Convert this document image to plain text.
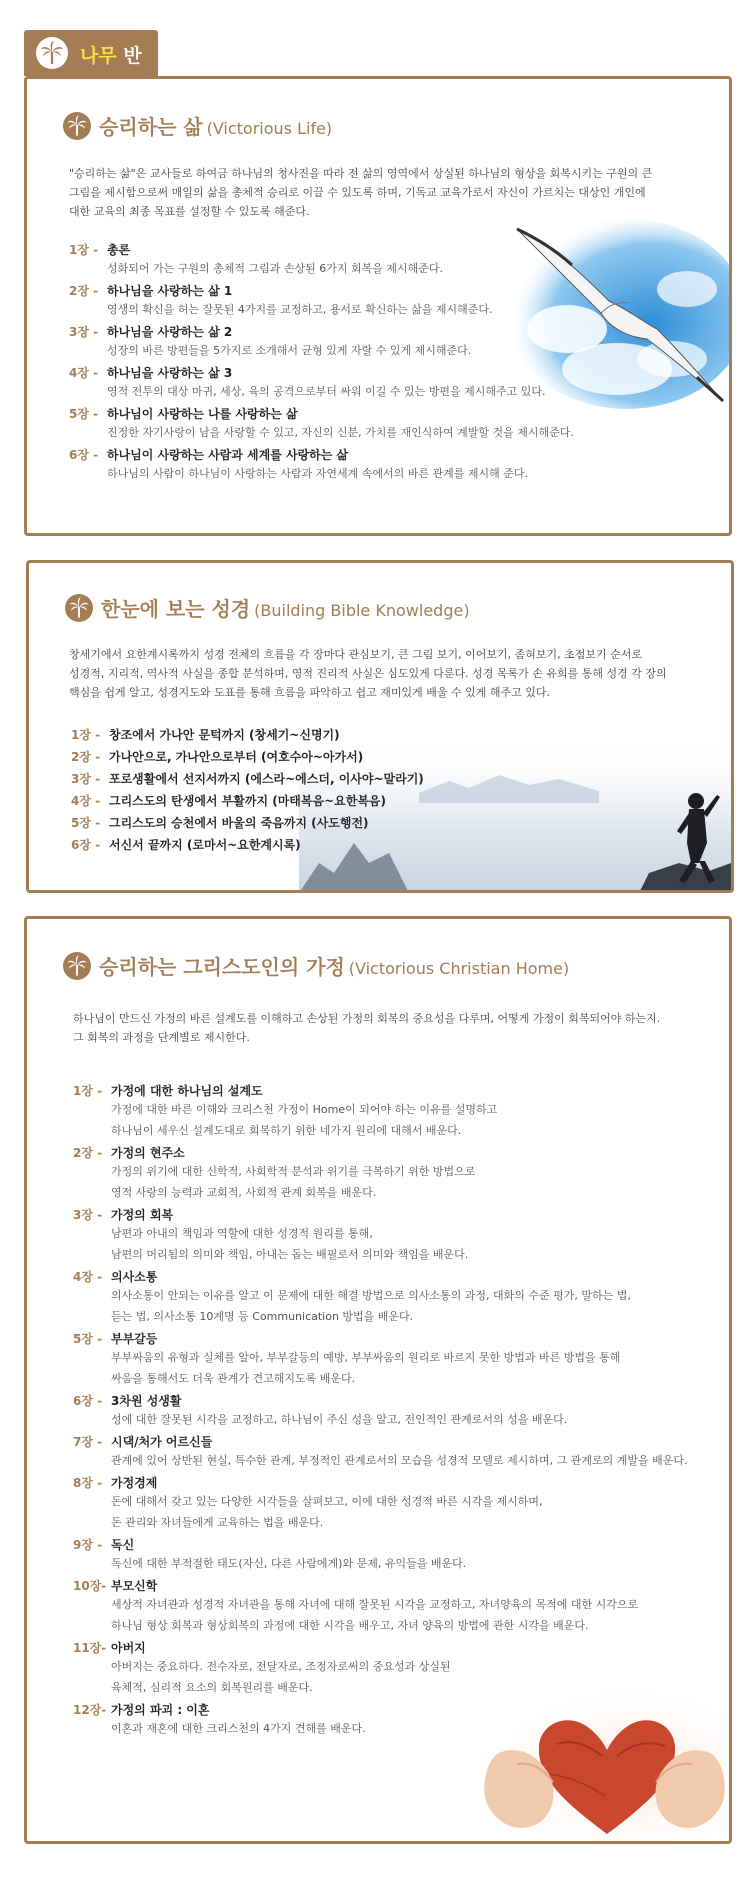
나무 반
승리하는 삶 (Victorious Life)
"승리하는 삶"은 교사들로 하여금 하나님의 청사진을 따라 전 삶의 영역에서 상실된 하나님의 형상을 회복시키는 구원의 큰
그림을 제시함으로써 매일의 삶을 총체적 승리로 이끌 수 있도록 하며, 기독교 교육가로서 자신이 가르치는 대상인 개인에
대한 교육의 최종 목표를 설정할 수 있도록 해준다.
1장 - 총론
성화되어 가는 구원의 총체적 그림과 손상된 6가지 회복을 제시해준다.
2장 - 하나님을 사랑하는 삶 1
영생의 확신을 허는 잘못된 4가지를 교정하고, 용서로 확신하는 삶을 제시해준다.
3장 - 하나님을 사랑하는 삶 2
성장의 바른 방편들을 5가지로 소개해서 균형 있게 자랄 수 있게 제시해준다.
4장 - 하나님을 사랑하는 삶 3
영적 전투의 대상 마귀, 세상, 육의 공격으로부터 싸워 이길 수 있는 방편을 제시해주고 있다.
5장 - 하나님이 사랑하는 나를 사랑하는 삶
진정한 자기사랑이 남을 사랑할 수 있고, 자신의 신분, 가치를 재인식하여 계발할 것을 제시해준다.
6장 - 하나님이 사랑하는 사람과 세계를 사랑하는 삶
하나님의 사람이 하나님이 사랑하는 사람과 자연세계 속에서의 바른 관계를 제시해 준다.
한눈에 보는 성경 (Building Bible Knowledge)
창세기에서 요한계시록까지 성경 전체의 흐름을 각 장마다 관심보기, 큰 그림 보기, 이어보기, 좀혀보기, 초점보기 순서로
성경적, 지리적, 역사적 사실을 종합 분석하며, 영적 진리적 사실은 심도있게 다룬다. 성경 목록가 손 유희를 통해 성경 각 장의
핵심을 쉽게 알고, 성경지도와 도표를 통해 흐름을 파악하고 쉽고 재미있게 배울 수 있게 해주고 있다.
1장 - 창조에서 가나안 문턱까지 (창세기~신명기)
2장 - 가나안으로, 가나안으로부터 (여호수아~아가서)
3장 - 포로생활에서 선지서까지 (에스라~에스더, 이사야~말라기)
4장 - 그리스도의 탄생에서 부활까지 (마태복음~요한복음)
5장 - 그리스도의 승천에서 바울의 죽음까지 (사도행전)
6장 - 서신서 끝까지 (로마서~요한계시록)
승리하는 그리스도인의 가정 (Victorious Christian Home)
하나님이 만드신 가정의 바른 설계도를 이해하고 손상된 가정의 회복의 중요성을 다루며, 어떻게 가정이 회복되어야 하는지.
그 회복의 과정을 단계별로 제시한다.
1장 - 가정에 대한 하나님의 설계도
가정에 대한 바른 이해와 크리스천 가정이 Home이 되어야 하는 이유를 설명하고
하나님이 세우신 설계도대로 회복하기 위한 네가지 원리에 대해서 배운다.
2장 - 가정의 현주소
가정의 위기에 대한 신학적, 사회학적 분석과 위기를 극복하기 위한 방법으로
영적 사랑의 능력과 교회적, 사회적 관계 회복을 배운다.
3장 - 가정의 회복
남편과 아내의 책임과 역할에 대한 성경적 원리를 통해,
남편의 머리됨의 의미와 책임, 아내는 돕는 배필로서 의미와 책임을 배운다.
4장 - 의사소통
의사소통이 안되는 이유를 알고 이 문제에 대한 해결 방법으로 의사소통의 과정, 대화의 수준 평가, 말하는 법,
듣는 법, 의사소통 10계명 등 Communication 방법을 배운다.
5장 - 부부갈등
부부싸움의 유형과 실체를 알아, 부부갈등의 예방, 부부싸움의 원리로 바르지 못한 방법과 바른 방법을 통해
싸움을 통해서도 더욱 관계가 견고해지도록 배운다.
6장 - 3차원 성생활
성에 대한 잘못된 시각을 교정하고, 하나님이 주신 성을 알고, 전인적인 관계로서의 성을 배운다.
7장 - 시댁/처가 어르신들
관계에 있어 상반된 현실, 특수한 관계, 부정적인 관계로서의 모습을 성경적 모델로 제시하며, 그 관계로의 계발을 배운다.
8장 - 가정경제
돈에 대해서 갖고 있는 다양한 시각들을 살펴보고, 이에 대한 성경적 바른 시각을 제시하며,
돈 관리와 자녀들에게 교육하는 법을 배운다.
9장 - 독신
독신에 대한 부적절한 태도(자신, 다른 사람에게)와 문제, 유익들을 배운다.
10장- 부모신학
세상적 자녀관과 성경적 자녀관을 통해 자녀에 대해 잘못된 시각을 교정하고, 자녀양육의 목적에 대한 시각으로
하나님 형상 회복과 형상회복의 과정에 대한 시각을 배우고, 자녀 양육의 방법에 관한 시각을 배운다.
11장- 아버지
아버지는 중요하다. 전수자로, 전달자로, 조정자로써의 중요성과 상실된
육체적, 심리적 요소의 회복원리를 배운다.
12장- 가정의 파괴 : 이혼
이혼과 재혼에 대한 크리스천의 4가지 견해를 배운다.
